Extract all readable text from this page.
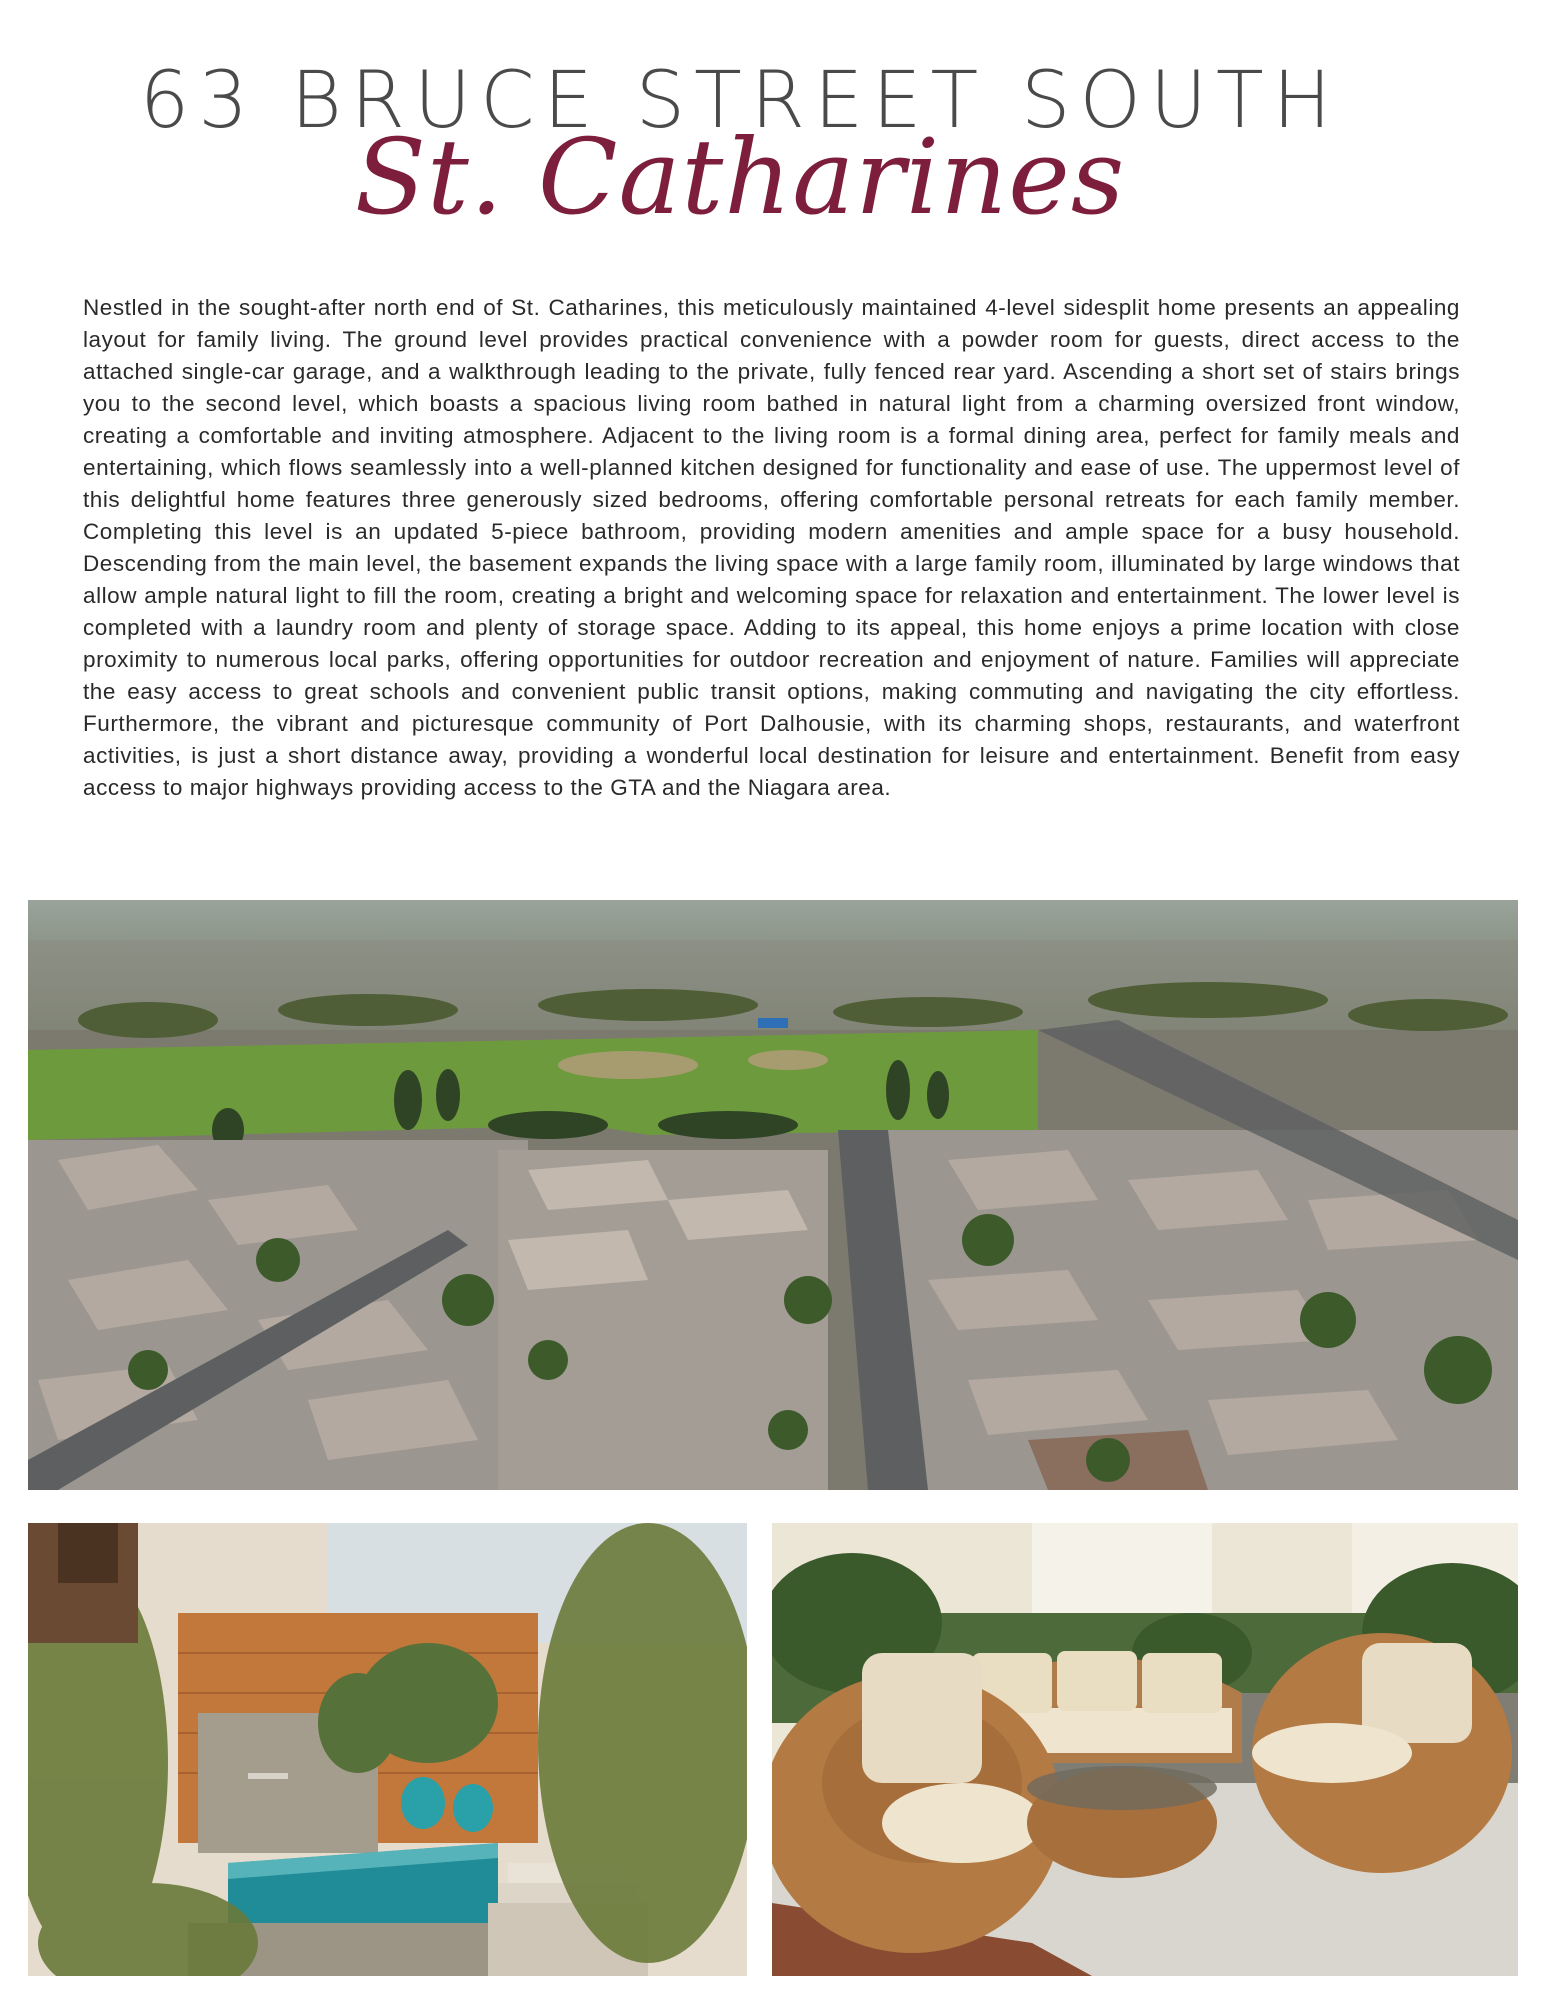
63 BRUCE STREET SOUTH
St. Catharines

Nestled in the sought-after north end of St. Catharines, this meticulously maintained 4-level sidesplit home presents an appealing layout for family living. The ground level provides practical convenience with a powder room for guests, direct access to the attached single-car garage, and a walkthrough leading to the private, fully fenced rear yard. Ascending a short set of stairs brings you to the second level, which boasts a spacious living room bathed in natural light from a charming oversized front window, creating a comfortable and inviting atmosphere. Adjacent to the living room is a formal dining area, perfect for family meals and entertaining, which flows seamlessly into a well-planned kitchen designed for functionality and ease of use. The uppermost level of this delightful home features three generously sized bedrooms, offering comfortable personal retreats for each family member. Completing this level is an updated 5-piece bathroom, providing modern amenities and ample space for a busy household. Descending from the main level, the basement expands the living space with a large family room, illuminated by large windows that allow ample natural light to fill the room, creating a bright and welcoming space for relaxation and entertainment. The lower level is completed with a laundry room and plenty of storage space. Adding to its appeal, this home enjoys a prime location with close proximity to numerous local parks, offering opportunities for outdoor recreation and enjoyment of nature. Families will appreciate the easy access to great schools and convenient public transit options, making commuting and navigating the city effortless. Furthermore, the vibrant and picturesque community of Port Dalhousie, with its charming shops, restaurants, and waterfront activities, is just a short distance away, providing a wonderful local destination for leisure and entertainment. Benefit from easy access to major highways providing access to the GTA and the Niagara area.
